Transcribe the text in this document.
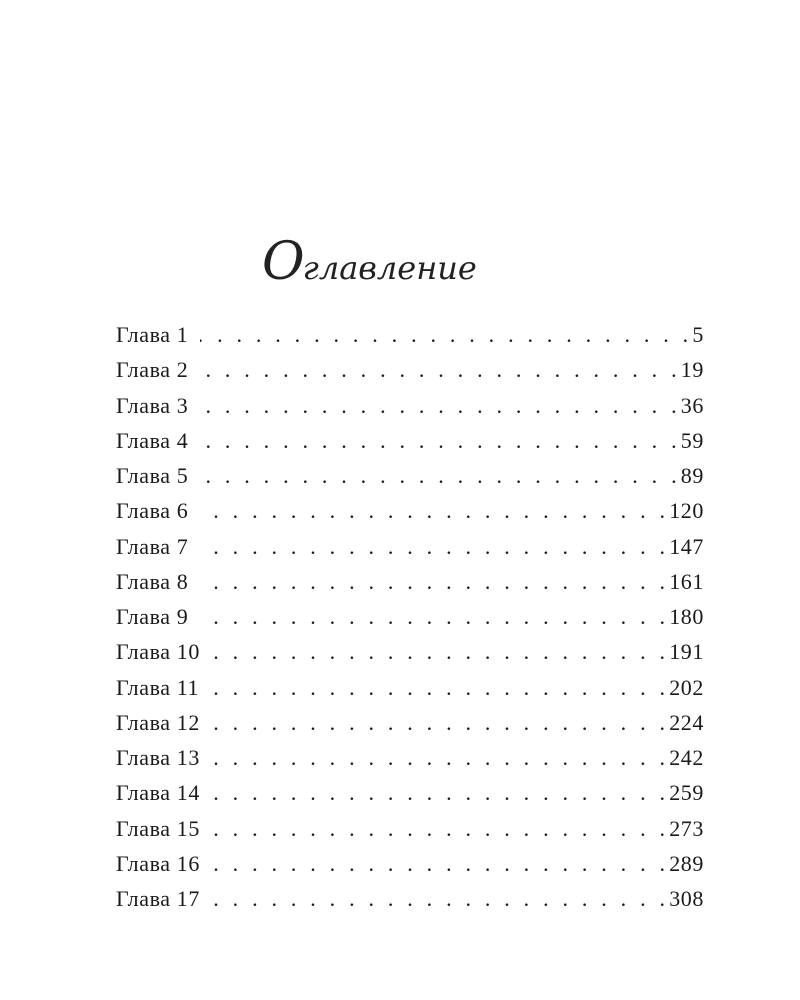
Оглавление
Глава 1 . . .	5
Глава 2 . . .	19
Глава 3 . . .	36
Глава 4 . . .	59
Глава 5 . . .	89
Глава 6 . . .	120
Глава 7 . . .	147
Глава 8 . . .	161
Глава 9 . . .	180
Глава 10 . . .	191
Глава 11 . . .	202
Глава 12 . . .	224
Глава 13 . . .	242
Глава 14 . . .	259
Глава 15 . . .	273
Глава 16 . . .	289
Глава 17 . . .	308
